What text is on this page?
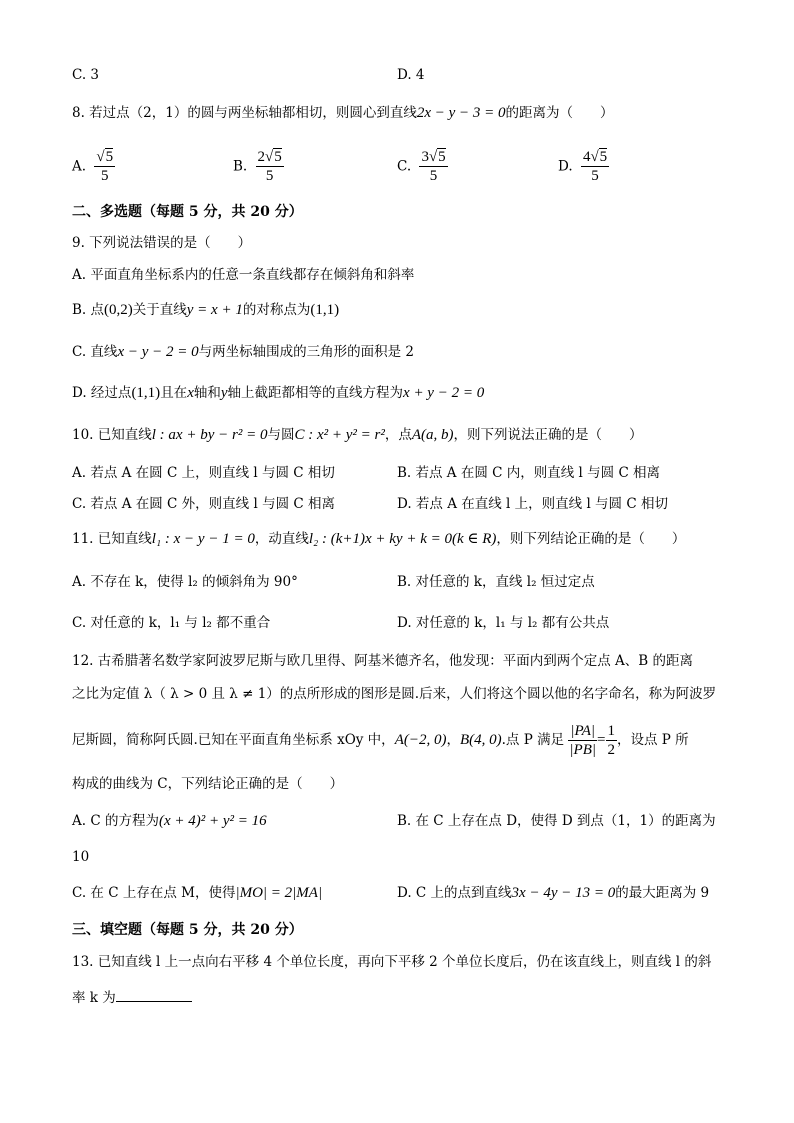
C. 3	D. 4
8. 若过点（2，1）的圆与两坐标轴都相切，则圆心到直线2x − y − 3 = 0的距离为（　　）
A. $\frac{√5}{5}$	B. $\frac{2√5}{5}$	C. $\frac{3√5}{5}$	D. $\frac{4√5}{5}$
二、多选题（每题 5 分，共 20 分）
9. 下列说法错误的是（　　）
A. 平面直角坐标系内的任意一条直线都存在倾斜角和斜率
B. 点(0,2)关于直线y = x + 1的对称点为(1,1)
C. 直线x − y − 2 = 0与两坐标轴围成的三角形的面积是 2
D. 经过点(1,1)且在x轴和y轴上截距都相等的直线方程为x + y − 2 = 0
10. 已知直线l : ax + by − r² = 0与圆C : x² + y² = r²，点A(a, b)，则下列说法正确的是（　　）
A. 若点 A 在圆 C 上，则直线 l 与圆 C 相切	B. 若点 A 在圆 C 内，则直线 l 与圆 C 相离
C. 若点 A 在圆 C 外，则直线 l 与圆 C 相离	D. 若点 A 在直线 l 上，则直线 l 与圆 C 相切
11. 已知直线l₁ : x − y − 1 = 0，动直线l₂ : (k+1)x + ky + k = 0(k ∈ R)，则下列结论正确的是（　　）
A. 不存在 k，使得 l₂ 的倾斜角为 90°	B. 对任意的 k，直线 l₂ 恒过定点
C. 对任意的 k，l₁ 与 l₂ 都不重合	D. 对任意的 k，l₁ 与 l₂ 都有公共点
12. 古希腊著名数学家阿波罗尼斯与欧几里得、阿基米德齐名，他发现：平面内到两个定点 A、B 的距离
之比为定值 λ（ λ > 0 且 λ ≠ 1）的点所形成的图形是圆.后来，人们将这个圆以他的名字命名，称为阿波罗
尼斯圆，简称阿氏圆.已知在平面直角坐标系 xOy 中，A(−2, 0)，B(4, 0).点 P 满足 $\frac{|PA|}{|PB|} = \frac{1}{2}$ ，设点 P 所
构成的曲线为 C，下列结论正确的是（　　）
A. C 的方程为(x + 4)² + y² = 16	B. 在 C 上存在点 D，使得 D 到点（1，1）的距离为
10
C. 在 C 上存在点 M，使得|MO| = 2|MA|	D. C 上的点到直线3x − 4y − 13 = 0的最大距离为 9
三、填空题（每题 5 分，共 20 分）
13. 已知直线 l 上一点向右平移 4 个单位长度，再向下平移 2 个单位长度后，仍在该直线上，则直线 l 的斜
率 k 为
